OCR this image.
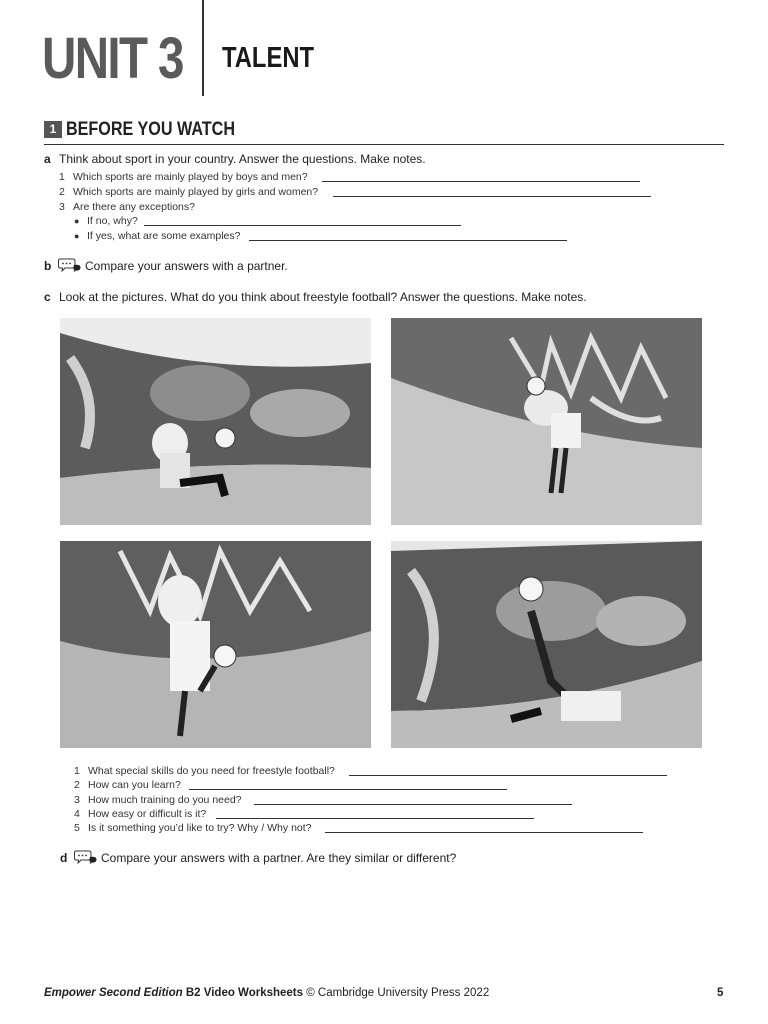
UNIT 3 TALENT
1 BEFORE YOU WATCH
a Think about sport in your country. Answer the questions. Make notes.
1 Which sports are mainly played by boys and men?
2 Which sports are mainly played by girls and women?
3 Are there any exceptions?
● If no, why?
● If yes, what are some examples?
b	Compare your answers with a partner.
c Look at the pictures. What do you think about freestyle football? Answer the questions. Make notes.
1 What special skills do you need for freestyle football?
2 How can you learn?
3 How much training do you need?
4 How easy or difficult is it?
5 Is it something you’d like to try? Why / Why not?
d	Compare your answers with a partner. Are they similar or different?
Empower Second Edition B2 Video Worksheets © Cambridge University Press 2022	5
